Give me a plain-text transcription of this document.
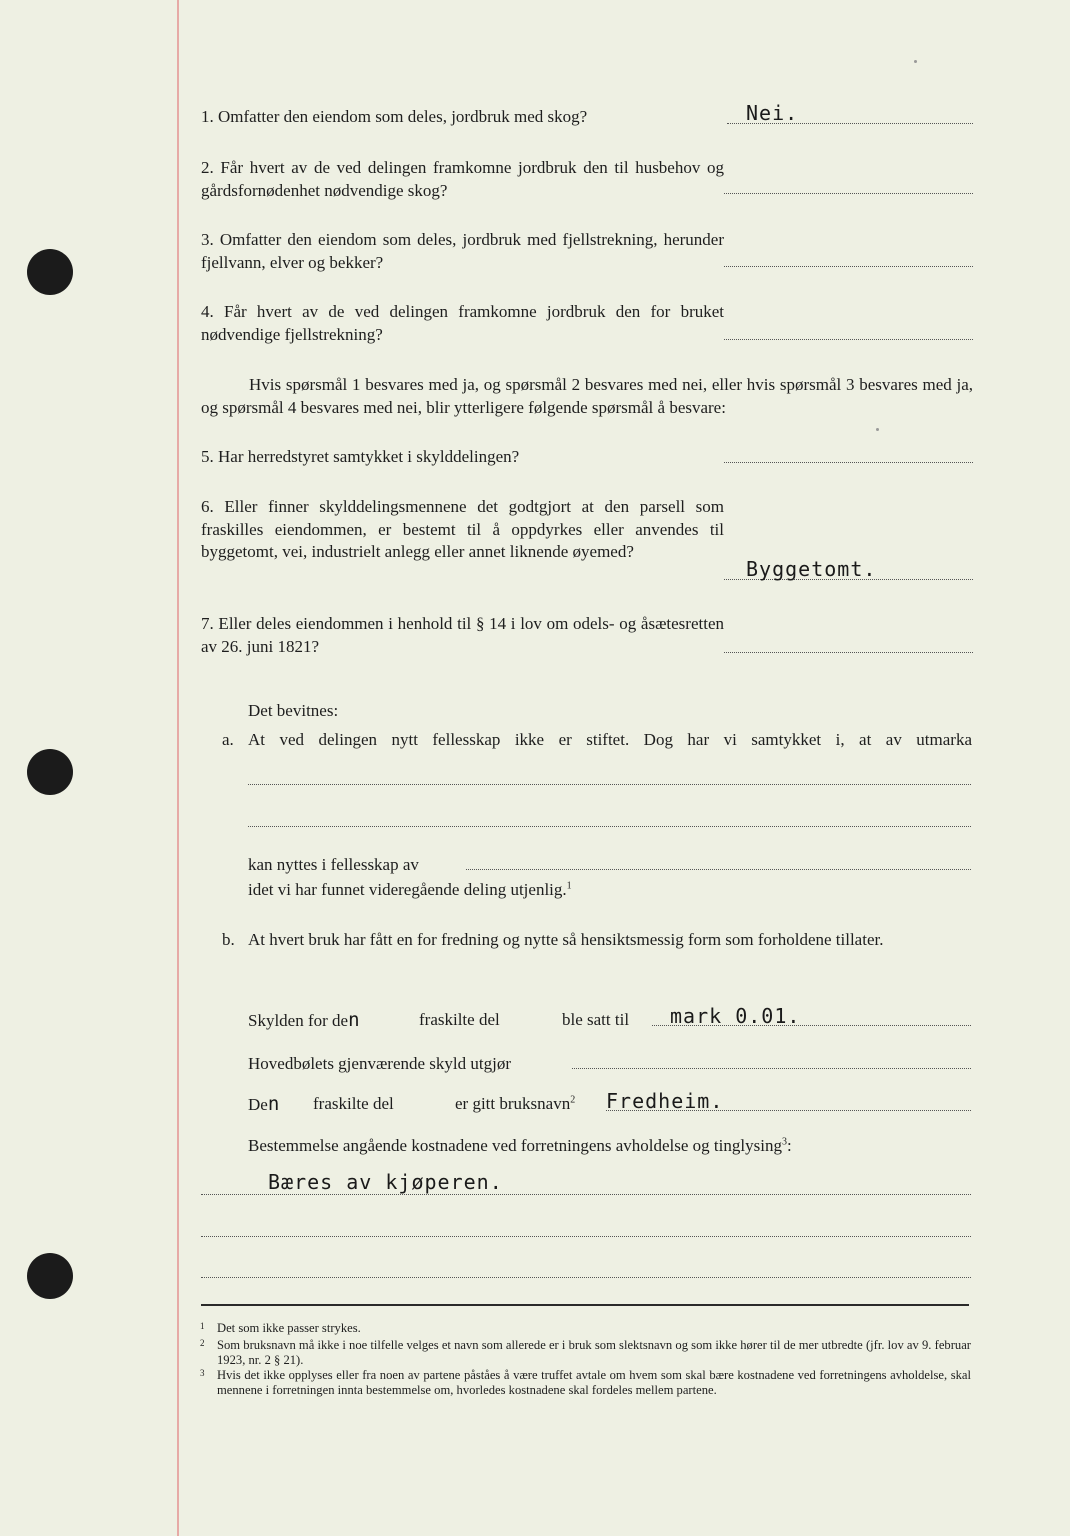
1. Omfatter den eiendom som deles, jordbruk med skog?	Nei.
2. Får hvert av de ved delingen framkomne jordbruk den til husbehov og gårdsfornødenhet nødvendige skog?
3. Omfatter den eiendom som deles, jordbruk med fjellstrekning, herunder fjellvann, elver og bekker?
4. Får hvert av de ved delingen framkomne jordbruk den for bruket nødvendige fjellstrekning?
Hvis spørsmål 1 besvares med ja, og spørsmål 2 besvares med nei, eller hvis spørsmål 3 besvares med ja, og spørsmål 4 besvares med nei, blir ytterligere følgende spørsmål å besvare:
5. Har herredstyret samtykket i skylddelingen?
6. Eller finner skylddelingsmennene det godtgjort at den parsell som fraskilles eiendommen, er bestemt til å oppdyrkes eller anvendes til byggetomt, vei, industrielt anlegg eller annet liknende øyemed?
Byggetomt.
7. Eller deles eiendommen i henhold til § 14 i lov om odels- og åsætesretten av 26. juni 1821?
Det bevitnes:
a. At ved delingen nytt fellesskap ikke er stiftet. Dog har vi samtykket i, at av utmarka
kan nyttes i fellesskap av
idet vi har funnet videregående deling utjenlig.$^1$
b. At hvert bruk har fått en for fredning og nytte så hensiktsmessig form som forholdene tillater.
Skylden for den	fraskilte del	ble satt til mark 0.01.
Hovedbølets gjenværende skyld utgjør
Den fraskilte del	er gitt bruksnavn$^2$ Fredheim.
Bestemmelse angående kostnadene ved forretningens avholdelse og tinglysing$^3$:
Bæres av kjøperen.
1 Det som ikke passer strykes.
2 Som bruksnavn må ikke i noe tilfelle velges et navn som allerede er i bruk som slektsnavn og som ikke hører til de mer utbredte (jfr. lov av 9. februar 1923, nr. 2 § 21).
3 Hvis det ikke opplyses eller fra noen av partene påståes å være truffet avtale om hvem som skal bære kostnadene ved forretningens avholdelse, skal mennene i forretningen innta bestemmelse om, hvorledes kostnadene skal fordeles mellem partene.
